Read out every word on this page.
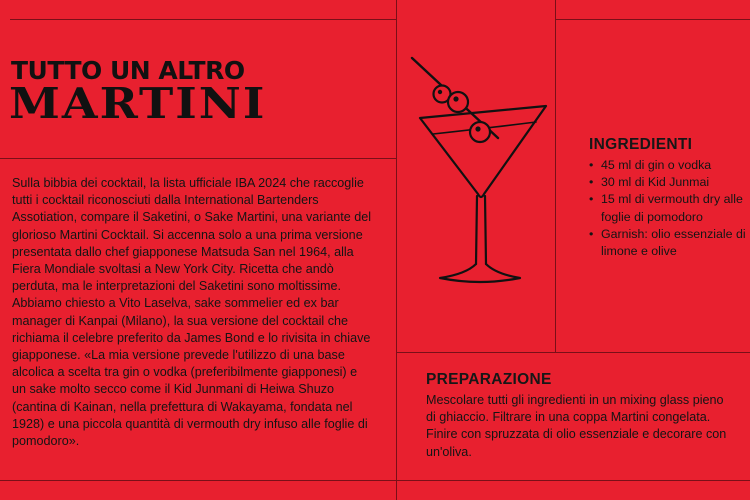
TUTTO UN ALTRO
MARTINI

Sulla bibbia dei cocktail, la lista ufficiale IBA 2024 che raccoglie tutti i cocktail riconosciuti dalla International Bartenders Assotiation, compare il Saketini, o Sake Martini, una variante del glorioso Martini Cocktail. Si accenna solo a una prima versione presentata dallo chef giapponese Matsuda San nel 1964, alla Fiera Mondiale svoltasi a New York City. Ricetta che andò perduta, ma le interpretazioni del Saketini sono moltissime.

Abbiamo chiesto a Vito Laselva, sake sommelier ed ex bar manager di Kanpai (Milano), la sua versione del cocktail che richiama il celebre preferito da James Bond e lo rivisita in chiave giapponese. «La mia versione prevede l'utilizzo di una base alcolica a scelta tra gin o vodka (preferibilmente giapponesi) e un sake molto secco come il Kid Junmani di Heiwa Shuzo (cantina di Kainan, nella prefettura di Wakayama, fondata nel 1928) e una piccola quantità di vermouth dry infuso alle foglie di pomodoro».

INGREDIENTI
• 45 ml di gin o vodka
• 30 ml di Kid Junmai
• 15 ml di vermouth dry alle foglie di pomodoro
• Garnish: olio essenziale di limone e olive
PREPARAZIONE

Mescolare tutti gli ingredienti in un mixing glass pieno di ghiaccio. Filtrare in una coppa Martini congelata. Finire con spruzzata di olio essenziale e decorare con un'oliva.
